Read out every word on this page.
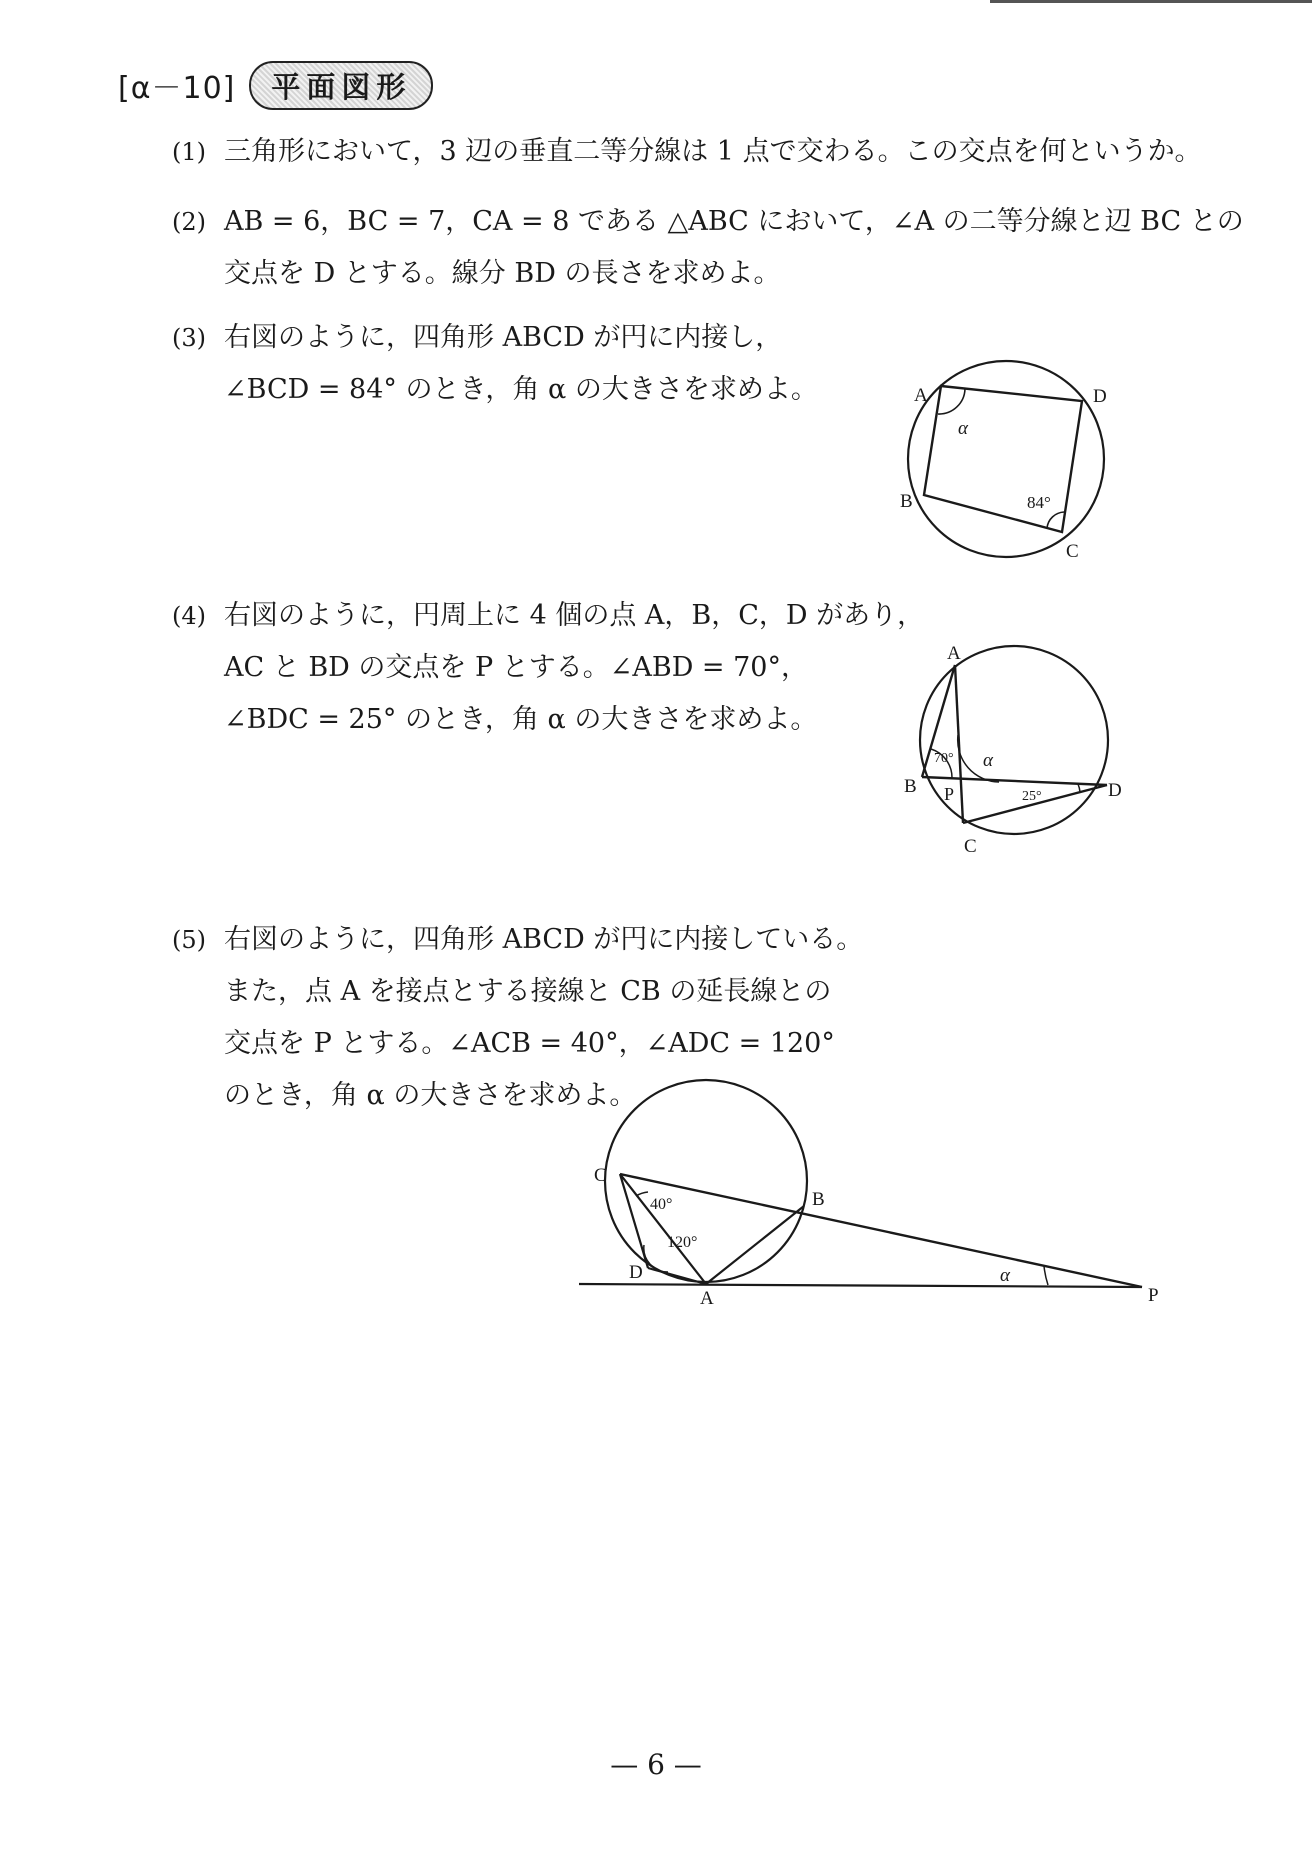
[α－10]	平面図形
(1) 三角形において，3 辺の垂直二等分線は 1 点で交わる。この交点を何というか。
(2) AB = 6，BC = 7，CA = 8 である △ABC において，∠A の二等分線と辺 BC との
交点を D とする。線分 BD の長さを求めよ。
(3) 右図のように，四角形 ABCD が円に内接し，
∠BCD = 84° のとき，角 α の大きさを求めよ。	A	D
B
C
α
84°
(4) 右図のように，円周上に 4 個の点 A，B，C，D があり，
AC と BD の交点を P とする。∠ABD = 70°，
∠BDC = 25° のとき，角 α の大きさを求めよ。
A
B	D
C
P
α
70°
25°
(5) 右図のように，四角形 ABCD が円に内接している。
また，点 A を接点とする接線と CB の延長線との
交点を P とする。∠ACB = 40°，∠ADC = 120°
のとき，角 α の大きさを求めよ。
C
B
D
A	P
α
40°
120°
— 6 —
